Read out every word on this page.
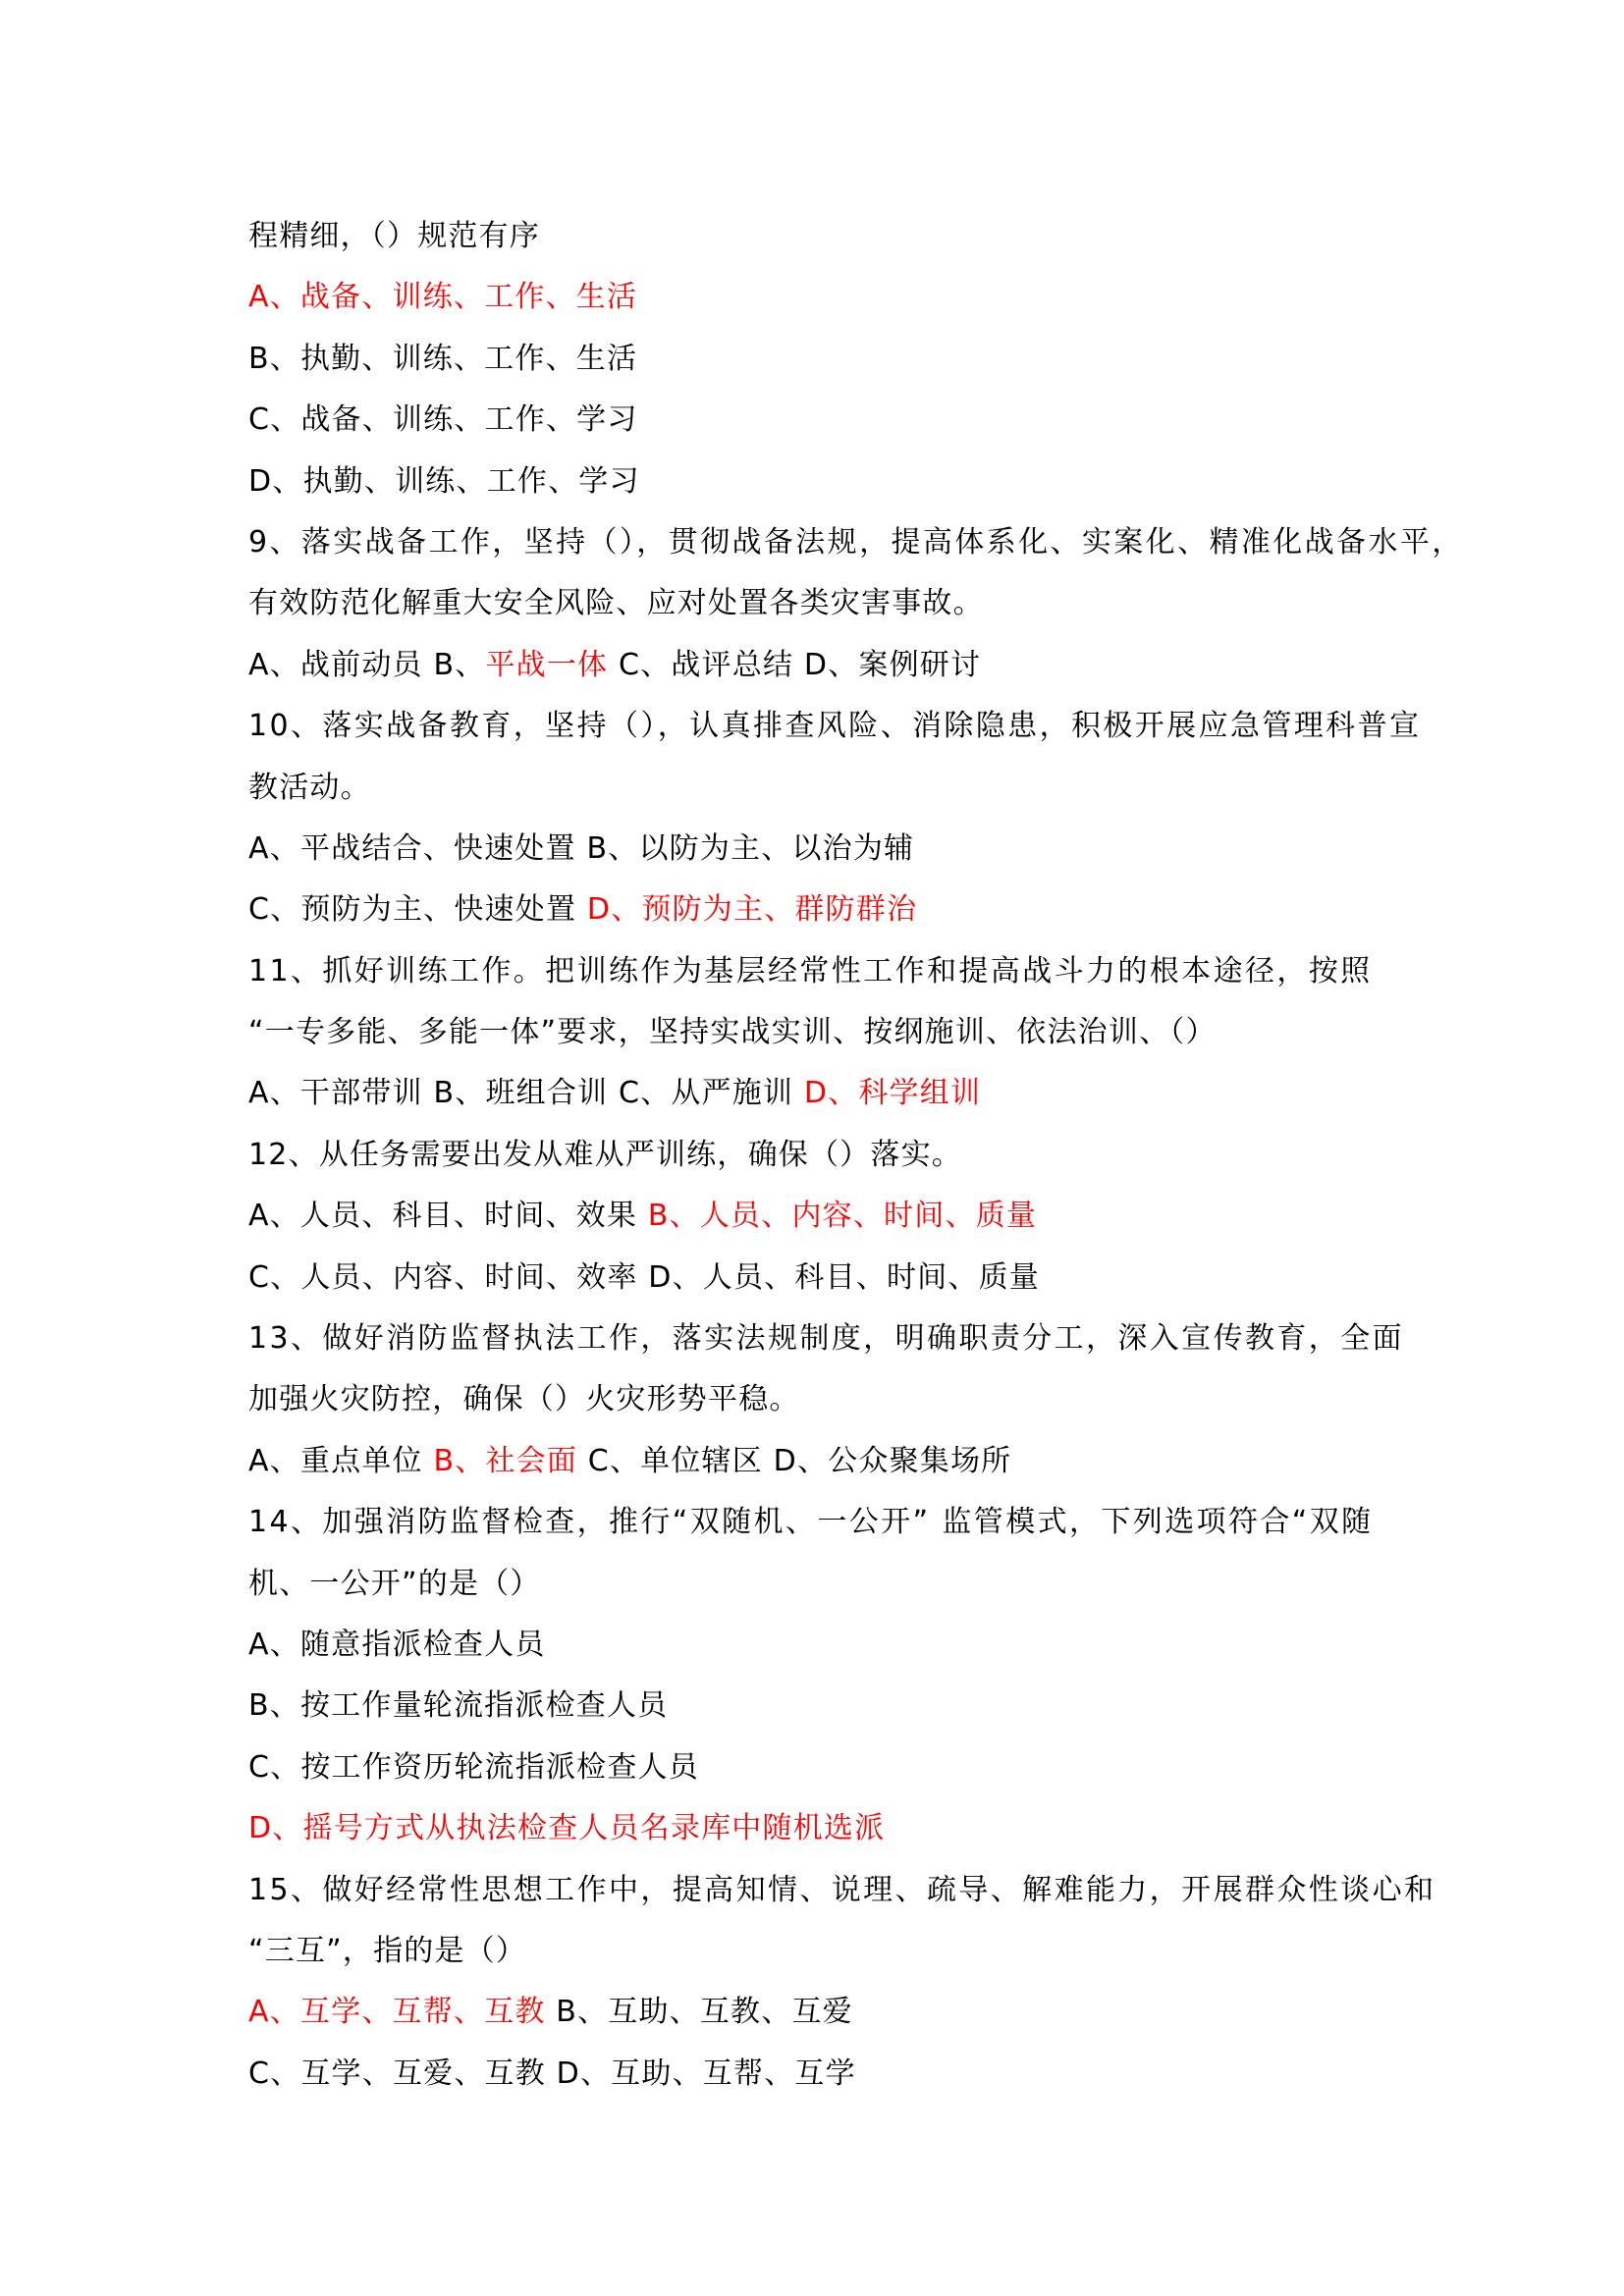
程精细，（）规范有序
A、战备、训练、工作、生活
B、执勤、训练、工作、生活
C、战备、训练、工作、学习
D、执勤、训练、工作、学习
9、落实战备工作，坚持（），贯彻战备法规，提高体系化、实案化、精准化战备水平，
有效防范化解重大安全风险、应对处置各类灾害事故。
A、战前动员 B、平战一体 C、战评总结 D、案例研讨
10、落实战备教育，坚持（），认真排查风险、消除隐患，积极开展应急管理科普宣
教活动。
A、平战结合、快速处置 B、以防为主、以治为辅
C、预防为主、快速处置 D、预防为主、群防群治
11、抓好训练工作。把训练作为基层经常性工作和提高战斗力的根本途径，按照
“一专多能、多能一体”要求，坚持实战实训、按纲施训、依法治训、（）
A、干部带训 B、班组合训 C、从严施训 D、科学组训
12、从任务需要出发从难从严训练，确保（）落实。
A、人员、科目、时间、效果 B、人员、内容、时间、质量
C、人员、内容、时间、效率 D、人员、科目、时间、质量
13、做好消防监督执法工作，落实法规制度，明确职责分工，深入宣传教育，全面
加强火灾防控，确保（）火灾形势平稳。
A、重点单位 B、社会面 C、单位辖区 D、公众聚集场所
14、加强消防监督检查，推行“双随机、一公开” 监管模式，下列选项符合“双随
机、一公开”的是（）
A、随意指派检查人员
B、按工作量轮流指派检查人员
C、按工作资历轮流指派检查人员
D、摇号方式从执法检查人员名录库中随机选派
15、做好经常性思想工作中，提高知情、说理、疏导、解难能力，开展群众性谈心和
“三互”，指的是（）
A、互学、互帮、互教 B、互助、互教、互爱
C、互学、互爱、互教 D、互助、互帮、互学
